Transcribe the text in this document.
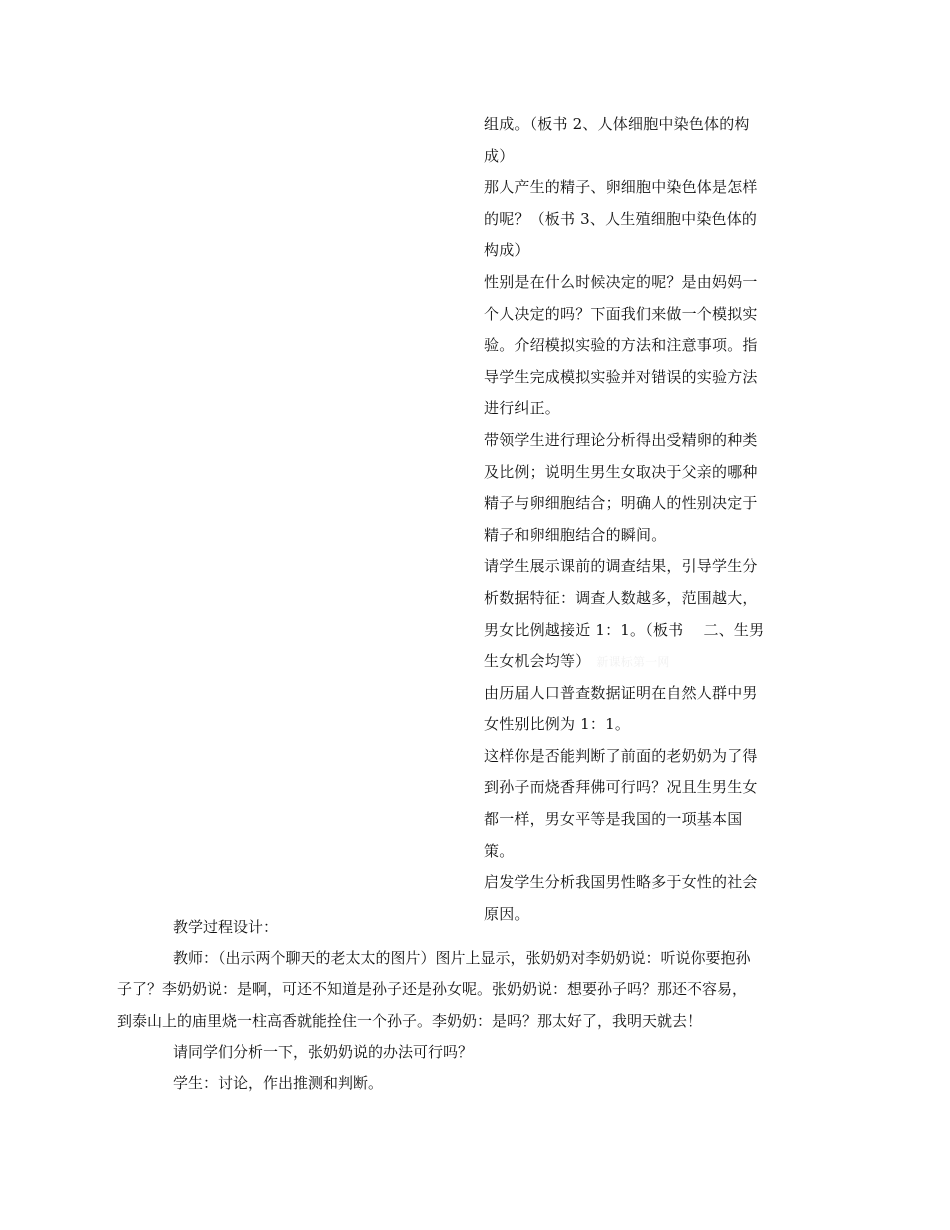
组成。（板书 2、人体细胞中染色体的构
成）
那人产生的精子、卵细胞中染色体是怎样
的呢？（板书 3、人生殖细胞中染色体的
构成）
性别是在什么时候决定的呢？是由妈妈一
个人决定的吗？下面我们来做一个模拟实
验。介绍模拟实验的方法和注意事项。指
导学生完成模拟实验并对错误的实验方法
进行纠正。
带领学生进行理论分析得出受精卵的种类
及比例；说明生男生女取决于父亲的哪种
精子与卵细胞结合；明确人的性别决定于
精子和卵细胞结合的瞬间。
请学生展示课前的调查结果，引导学生分
析数据特征：调查人数越多，范围越大，
男女比例越接近 1：1。（板书　 二、生男
生女机会均等） 新课标第一网
由历届人口普查数据证明在自然人群中男
女性别比例为 1：1。
这样你是否能判断了前面的老奶奶为了得
到孙子而烧香拜佛可行吗？况且生男生女
都一样，男女平等是我国的一项基本国
策。
启发学生分析我国男性略多于女性的社会
原因。
教学过程设计：
教师：（出示两个聊天的老太太的图片）图片上显示，张奶奶对李奶奶说：听说你要抱孙
子了？李奶奶说：是啊，可还不知道是孙子还是孙女呢。张奶奶说：想要孙子吗？那还不容易，
到泰山上的庙里烧一柱高香就能拴住一个孙子。李奶奶：是吗？那太好了，我明天就去！
请同学们分析一下，张奶奶说的办法可行吗？
学生：讨论，作出推测和判断。
